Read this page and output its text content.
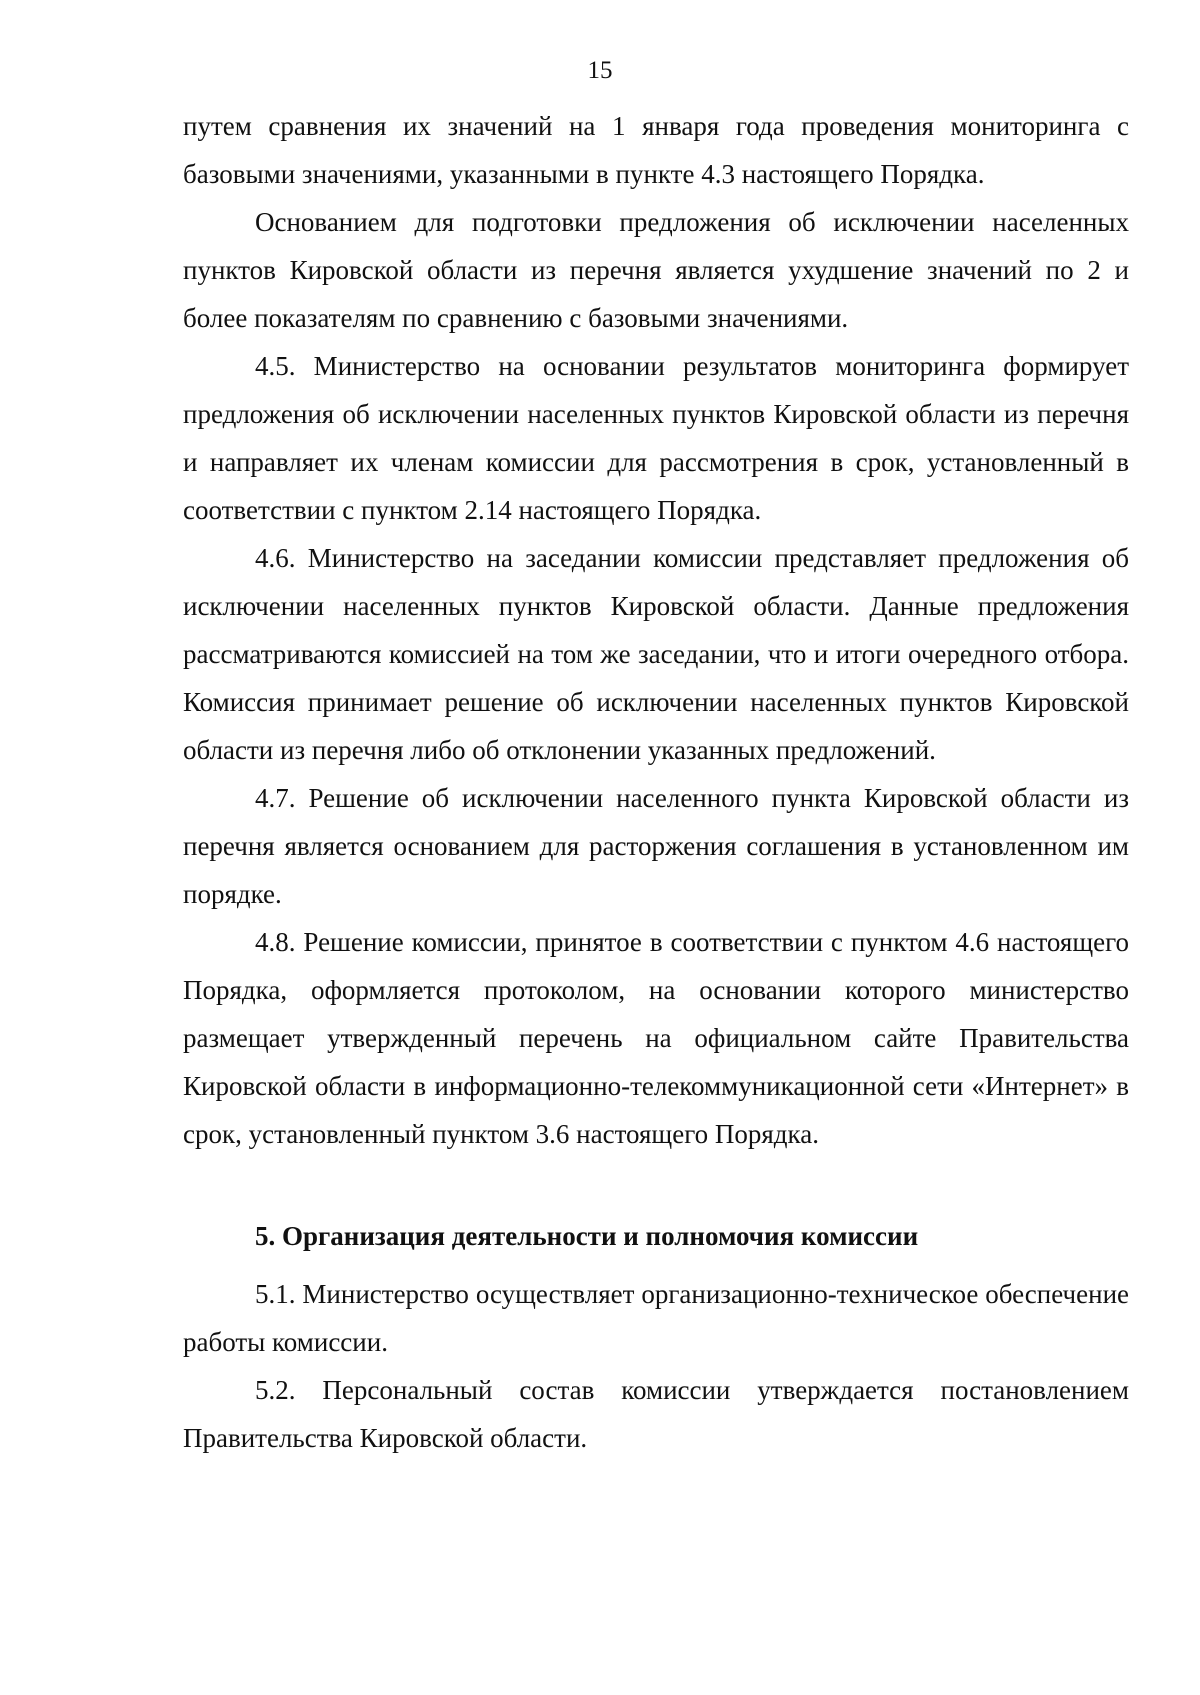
15

путем сравнения их значений на 1 января года проведения мониторинга с базовыми значениями, указанными в пункте 4.3 настоящего Порядка.

Основанием для подготовки предложения об исключении населенных пунктов Кировской области из перечня является ухудшение значений по 2 и более показателям по сравнению с базовыми значениями.

4.5. Министерство на основании результатов мониторинга формирует предложения об исключении населенных пунктов Кировской области из перечня и направляет их членам комиссии для рассмотрения в срок, установленный в соответствии с пунктом 2.14 настоящего Порядка.

4.6. Министерство на заседании комиссии представляет предложения об исключении населенных пунктов Кировской области. Данные предложения рассматриваются комиссией на том же заседании, что и итоги очередного отбора. Комиссия принимает решение об исключении населенных пунктов Кировской области из перечня либо об отклонении указанных предложений.

4.7. Решение об исключении населенного пункта Кировской области из перечня является основанием для расторжения соглашения в установленном им порядке.

4.8. Решение комиссии, принятое в соответствии с пунктом 4.6 настоящего Порядка, оформляется протоколом, на основании которого министерство размещает утвержденный перечень на официальном сайте Правительства Кировской области в информационно-телекоммуникационной сети «Интернет» в срок, установленный пунктом 3.6 настоящего Порядка.

5. Организация деятельности и полномочия комиссии

5.1. Министерство осуществляет организационно-техническое обеспечение работы комиссии.

5.2. Персональный состав комиссии утверждается постановлением Правительства Кировской области.
